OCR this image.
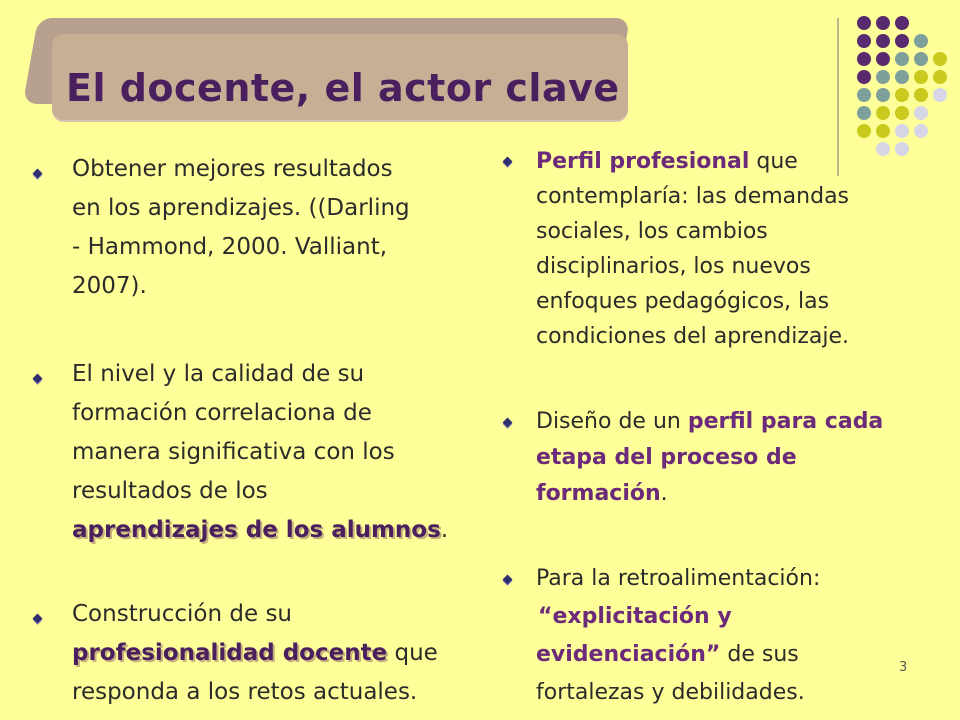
El docente, el actor clave
Obtener mejores resultados
en los aprendizajes. ((Darling
- Hammond, 2000. Valliant,
2007).
El nivel y la calidad de su
formación correlaciona de
manera significativa con los
resultados de los
aprendizajes de los alumnos.
Construcción de su
profesionalidad docente que
responda a los retos actuales.
Perfil profesional que
contemplaría: las demandas
sociales, los cambios
disciplinarios, los nuevos
enfoques pedagógicos, las
condiciones del aprendizaje.
Diseño de un perfil para cada
etapa del proceso de
formación.
Para la retroalimentación:
“explicitación y
evidenciación” de sus
fortalezas y debilidades.
3
